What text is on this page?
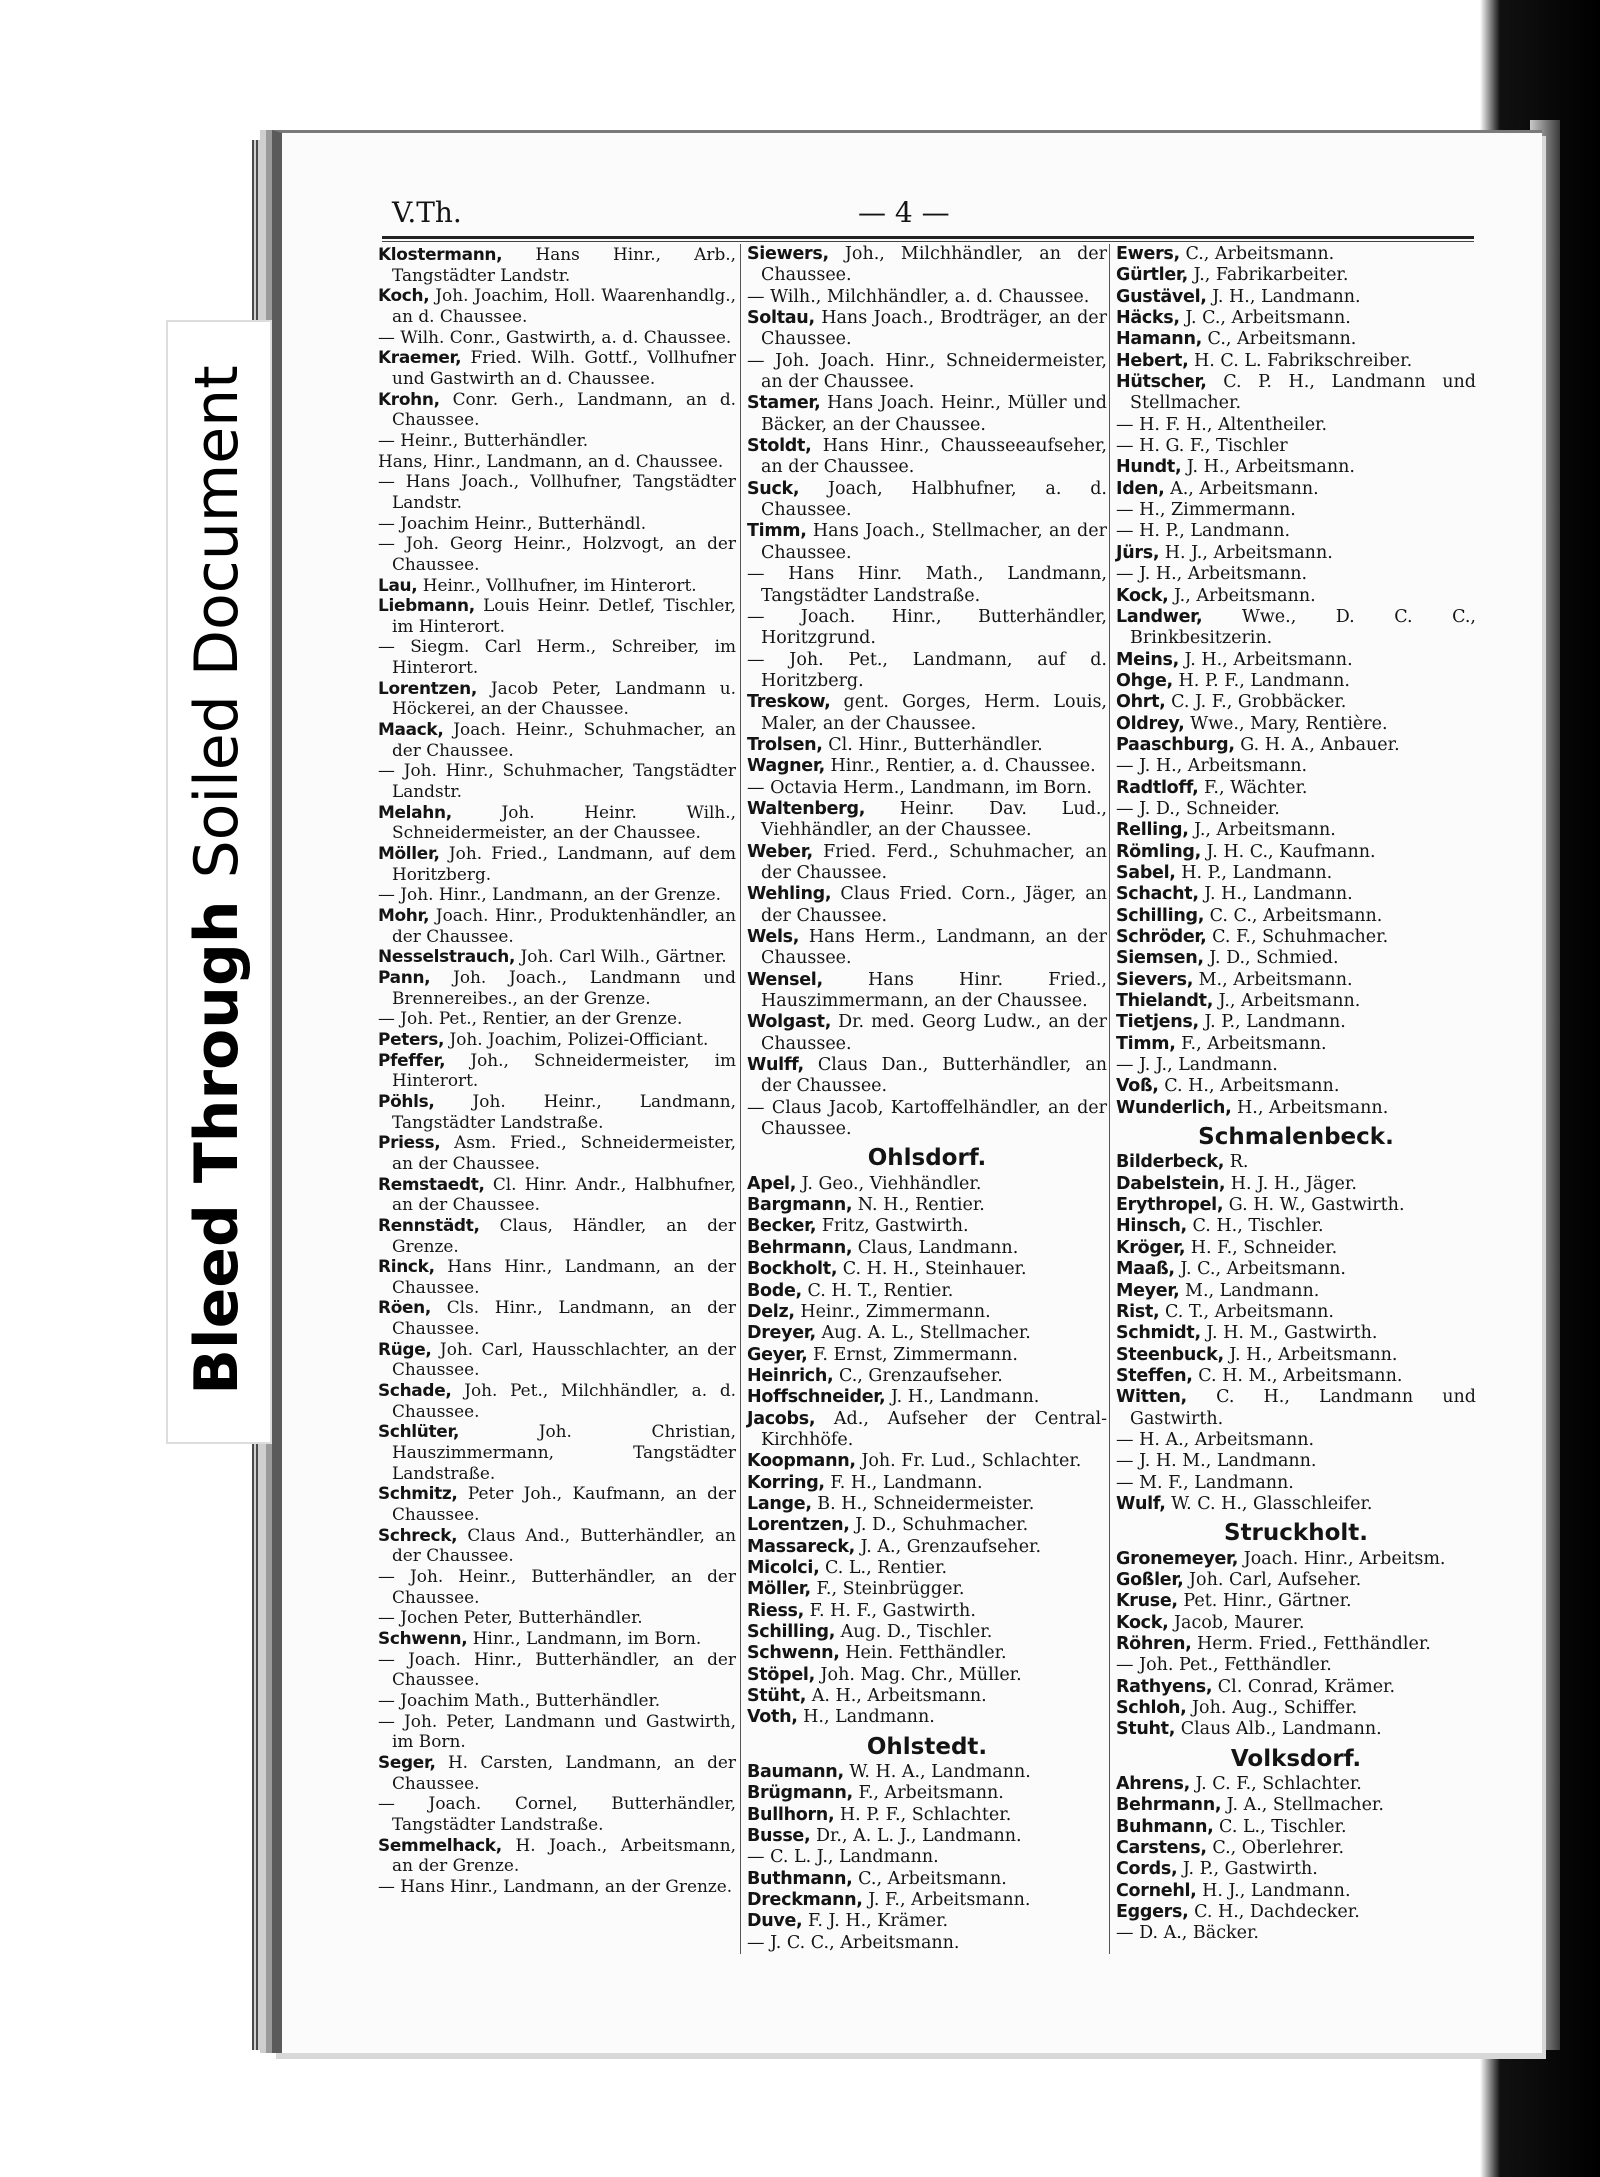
Bleed Through
Soiled Document
V.Th.	— 4 —
Klostermann, Hans Hinr., Arb., Tangstädter Landstr.
Koch, Joh. Joachim, Holl. Waarenhandlg., an d. Chaussee.
— Wilh. Conr., Gastwirth, a. d. Chaussee.
Kraemer, Fried. Wilh. Gottf., Vollhufner und Gastwirth an d. Chaussee.
Krohn, Conr. Gerh., Landmann, an d. Chaussee.
— Heinr., Butterhändler.
Hans, Hinr., Landmann, an d. Chaussee.
— Hans Joach., Vollhufner, Tangstädter Landstr.
— Joachim Heinr., Butterhändl.
— Joh. Georg Heinr., Holzvogt, an der Chaussee.
Lau, Heinr., Vollhufner, im Hinterort.
Liebmann, Louis Heinr. Detlef, Tischler, im Hinterort.
— Siegm. Carl Herm., Schreiber, im Hinterort.
Lorentzen, Jacob Peter, Landmann u. Höckerei, an der Chaussee.
Maack, Joach. Heinr., Schuhmacher, an der Chaussee.
— Joh. Hinr., Schuhmacher, Tangstädter Landstr.
Melahn,	Joh. Heinr. Wilh., Schneidermeister, an der Chaussee.
Möller, Joh. Fried., Landmann, auf dem Horitzberg.
— Joh. Hinr., Landmann, an der Grenze.
Mohr, Joach. Hinr., Produktenhändler, an der Chaussee.
Nesselstrauch, Joh. Carl Wilh., Gärtner.
Pann, Joh. Joach., Landmann und Brennereibes., an der Grenze.
— Joh. Pet., Rentier, an der Grenze.
Peters, Joh. Joachim, Polizei-Officiant.
Pfeffer, Joh., Schneidermeister, im Hinterort.
Pöhls, Joh. Heinr., Landmann, Tangstädter Landstraße.
Priess, Asm. Fried., Schneidermeister, an der Chaussee.
Remstaedt, Cl. Hinr. Andr., Halbhufner, an der Chaussee.
Rennstädt, Claus, Händler, an der Grenze.
Rinck, Hans Hinr., Landmann, an der Chaussee.
Röen, Cls. Hinr., Landmann, an der Chaussee.
Rüge, Joh. Carl, Hausschlachter, an der Chaussee.
Schade, Joh. Pet., Milchhändler, a. d. Chaussee.
Schlüter,	Joh. Christian, Hauszimmermann, Tangstädter Landstraße.
Schmitz, Peter Joh., Kaufmann, an der Chaussee.
Schreck, Claus And., Butterhändler, an der Chaussee.
— Joh. Heinr., Butterhändler, an der Chaussee.
— Jochen Peter, Butterhändler.
Schwenn, Hinr., Landmann, im Born.
— Joach. Hinr., Butterhändler, an der Chaussee.
— Joachim Math., Butterhändler.
— Joh. Peter, Landmann und Gastwirth, im Born.
Seger, H. Carsten, Landmann, an der Chaussee.
— Joach. Cornel, Butterhändler, Tangstädter Landstraße.
Semmelhack, H. Joach., Arbeitsmann, an der Grenze.
— Hans Hinr., Landmann, an der Grenze.
Siewers, Joh., Milchhändler, an der Chaussee.
— Wilh., Milchhändler, a. d. Chaussee.
Soltau, Hans Joach., Brodträger, an der Chaussee.
— Joh. Joach. Hinr., Schneidermeister, an der Chaussee.
Stamer, Hans Joach. Heinr., Müller und Bäcker, an der Chaussee.
Stoldt, Hans Hinr., Chausseeaufseher, an der Chaussee.
Suck, Joach, Halbhufner, a. d. Chaussee.
Timm, Hans Joach., Stellmacher, an der Chaussee.
— Hans Hinr. Math., Landmann, Tangstädter Landstraße.
— Joach. Hinr., Butterhändler, Horitzgrund.
— Joh. Pet., Landmann, auf d. Horitzberg.
Treskow, gent. Gorges, Herm. Louis, Maler, an der Chaussee.
Trolsen, Cl. Hinr., Butterhändler.
Wagner, Hinr., Rentier, a. d. Chaussee.
— Octavia Herm., Landmann, im Born.
Waltenberg, Heinr. Dav. Lud., Viehhändler, an der Chaussee.
Weber, Fried. Ferd., Schuhmacher, an der Chaussee.
Wehling, Claus Fried. Corn., Jäger, an der Chaussee.
Wels, Hans Herm., Landmann, an der Chaussee.
Wensel,	Hans Hinr. Fried., Hauszimmermann, an der Chaussee.
Wolgast, Dr. med. Georg Ludw., an der Chaussee.
Wulff, Claus Dan., Butterhändler, an der Chaussee.
— Claus Jacob, Kartoffelhändler, an der Chaussee.
Ohlsdorf.
Apel, J. Geo., Viehhändler.
Bargmann, N. H., Rentier.
Becker, Fritz, Gastwirth.
Behrmann, Claus, Landmann.
Bockholt, C. H. H., Steinhauer.
Bode, C. H. T., Rentier.
Delz, Heinr., Zimmermann.
Dreyer, Aug. A. L., Stellmacher.
Geyer, F. Ernst, Zimmermann.
Heinrich, C., Grenzaufseher.
Hoffschneider, J. H., Landmann.
Jacobs, Ad., Aufseher der Central-Kirchhöfe.
Koopmann, Joh. Fr. Lud., Schlachter.
Korring, F. H., Landmann.
Lange, B. H., Schneidermeister.
Lorentzen, J. D., Schuhmacher.
Massareck, J. A., Grenzaufseher.
Micolci, C. L., Rentier.
Möller, F., Steinbrügger.
Riess, F. H. F., Gastwirth.
Schilling, Aug. D., Tischler.
Schwenn, Hein. Fetthändler.
Stöpel, Joh. Mag. Chr., Müller.
Stüht, A. H., Arbeitsmann.
Voth, H., Landmann.
Ohlstedt.
Baumann, W. H. A., Landmann.
Brügmann, F., Arbeitsmann.
Bullhorn, H. P. F., Schlachter.
Busse, Dr., A. L. J., Landmann.
— C. L. J., Landmann.
Buthmann, C., Arbeitsmann.
Dreckmann, J. F., Arbeitsmann.
Duve, F. J. H., Krämer.
— J. C. C., Arbeitsmann.
Ewers, C., Arbeitsmann.
Gürtler, J., Fabrikarbeiter.
Gustävel, J. H., Landmann.
Häcks, J. C., Arbeitsmann.
Hamann, C., Arbeitsmann.
Hebert, H. C. L. Fabrikschreiber.
Hütscher, C. P. H., Landmann und Stellmacher.
— H. F. H., Altentheiler.
— H. G. F., Tischler
Hundt, J. H., Arbeitsmann.
Iden, A., Arbeitsmann.
— H., Zimmermann.
— H. P., Landmann.
Jürs, H. J., Arbeitsmann.
— J. H., Arbeitsmann.
Kock, J., Arbeitsmann.
Landwer, Wwe., D. C. C., Brinkbesitzerin.
Meins, J. H., Arbeitsmann.
Ohge, H. P. F., Landmann.
Ohrt, C. J. F., Grobbäcker.
Oldrey, Wwe., Mary, Rentière.
Paaschburg, G. H. A., Anbauer.
— J. H., Arbeitsmann.
Radtloff, F., Wächter.
— J. D., Schneider.
Relling, J., Arbeitsmann.
Römling, J. H. C., Kaufmann.
Sabel, H. P., Landmann.
Schacht, J. H., Landmann.
Schilling, C. C., Arbeitsmann.
Schröder, C. F., Schuhmacher.
Siemsen, J. D., Schmied.
Sievers, M., Arbeitsmann.
Thielandt, J., Arbeitsmann.
Tietjens, J. P., Landmann.
Timm, F., Arbeitsmann.
— J. J., Landmann.
Voß, C. H., Arbeitsmann.
Wunderlich, H., Arbeitsmann.
Schmalenbeck.
Bilderbeck, R.
Dabelstein, H. J. H., Jäger.
Erythropel, G. H. W., Gastwirth.
Hinsch, C. H., Tischler.
Kröger, H. F., Schneider.
Maaß, J. C., Arbeitsmann.
Meyer, M., Landmann.
Rist, C. T., Arbeitsmann.
Schmidt, J. H. M., Gastwirth.
Steenbuck, J. H., Arbeitsmann.
Steffen, C. H. M., Arbeitsmann.
Witten, C. H., Landmann und Gastwirth.
— H. A., Arbeitsmann.
— J. H. M., Landmann.
— M. F., Landmann.
Wulf, W. C. H., Glasschleifer.
Struckholt.
Gronemeyer, Joach. Hinr., Arbeitsm.
Goßler, Joh. Carl, Aufseher.
Kruse, Pet. Hinr., Gärtner.
Kock, Jacob, Maurer.
Röhren, Herm. Fried., Fetthändler.
— Joh. Pet., Fetthändler.
Rathyens, Cl. Conrad, Krämer.
Schloh, Joh. Aug., Schiffer.
Stuht, Claus Alb., Landmann.
Volksdorf.
Ahrens, J. C. F., Schlachter.
Behrmann, J. A., Stellmacher.
Buhmann, C. L., Tischler.
Carstens, C., Oberlehrer.
Cords, J. P., Gastwirth.
Cornehl, H. J., Landmann.
Eggers, C. H., Dachdecker.
— D. A., Bäcker.
